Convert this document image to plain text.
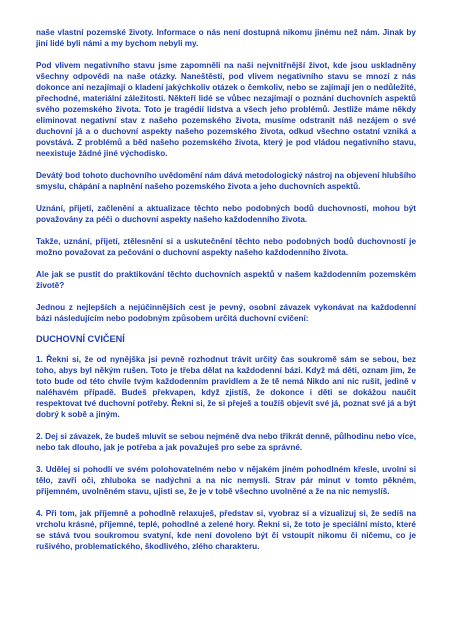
naše vlastní pozemské životy. Informace o nás není dostupná nikomu jinému než nám. Jinak by jiní lidé byli námi a my bychom nebyli my.

Pod vlivem negativního stavu jsme zapomněli na naši nejvnitřnější život, kde jsou uskladněny všechny odpovědi na naše otázky. Naneštěstí, pod vlivem negativního stavu se mnozí z nás dokonce ani nezajímají o kladení jakýchkoliv otázek o čemkoliv, nebo se zajímají jen o nedůležité, přechodné, materiální záležitosti. Někteří lidé se vůbec nezajímají o poznání duchovních aspektů svého pozemského života. Toto je tragédií lidstva a všech jeho problémů. Jestliže máme někdy eliminovat negativní stav z našeho pozemského života, musíme odstranit náš nezájem o své duchovní já a o duchovní aspekty našeho pozemského života, odkud všechno ostatní vzniká a povstává. Z problémů a běd našeho pozemského života, který je pod vládou negativního stavu, neexistuje žádné jiné východisko.

Devátý bod tohoto duchovního uvědomění nám dává metodologický nástroj na objevení hlubšího smyslu, chápání a naplnění našeho pozemského života a jeho duchovních aspektů.

Uznání, přijetí, začlenění a aktualizace těchto nebo podobných bodů duchovnosti, mohou být považovány za péči o duchovní aspekty našeho každodenního života.

Takže, uznání, přijetí, ztělesnění si a uskutečnění těchto nebo podobných bodů duchovností je možno považovat za pečování o duchovní aspekty našeho každodenního života.

Ale jak se pustit do praktikování těchto duchovních aspektů v našem každodenním pozemském životě?

Jednou z nejlepších a nejúčinnějších cest je pevný, osobní závazek vykonávat na každodenní bázi následujícím nebo podobným způsobem určitá duchovní cvičení:

DUCHOVNÍ CVIČENÍ

1. Řekni si, že od nynějška jsi pevně rozhodnut trávit určitý čas soukromě sám se sebou, bez toho, abys byl někým rušen. Toto je třeba dělat na každodenní bázi. Když má děti, oznam jim, že toto bude od této chvíle tvým každodenním pravidlem a že tě nemá Nikdo ani nic rušit, jedině v naléhavém případě. Budeš překvapen, když zjistíš, že dokonce i děti se dokážou naučit respektovat tvé duchovní potřeby. Řekni si, že si přeješ a toužíš objevit své já, poznat své já a být dobrý k sobě a jiným.

2. Dej si závazek, že budeš mluvit se sebou nejméně dva nebo třikrát denně, půlhodinu nebo více, nebo tak dlouho, jak je potřeba a jak považuješ pro sebe za správné.

3. Udělej si pohodlí ve svém polohovatelném nebo v nějakém jiném pohodlném křesle, uvolni si tělo, zavři oči, zhluboka se nadýchni a na nic nemysli. Strav pár minut v tomto pěkném, příjemném, uvolněném stavu, ujisti se, že je v tobě všechno uvolněné a že na nic nemyslíš.

4. Při tom, jak příjemně a pohodlně relaxuješ, představ si, vyobraz si a vizualizuj si, že sedíš na vrcholu krásné, příjemné, teplé, pohodlné a zelené hory. Řekni si, že toto je speciální místo, které se stává tvou soukromou svatyní, kde není dovoleno být či vstoupit nikomu či ničemu, co je rušivého, problematického, škodlivého, zlého charakteru.
